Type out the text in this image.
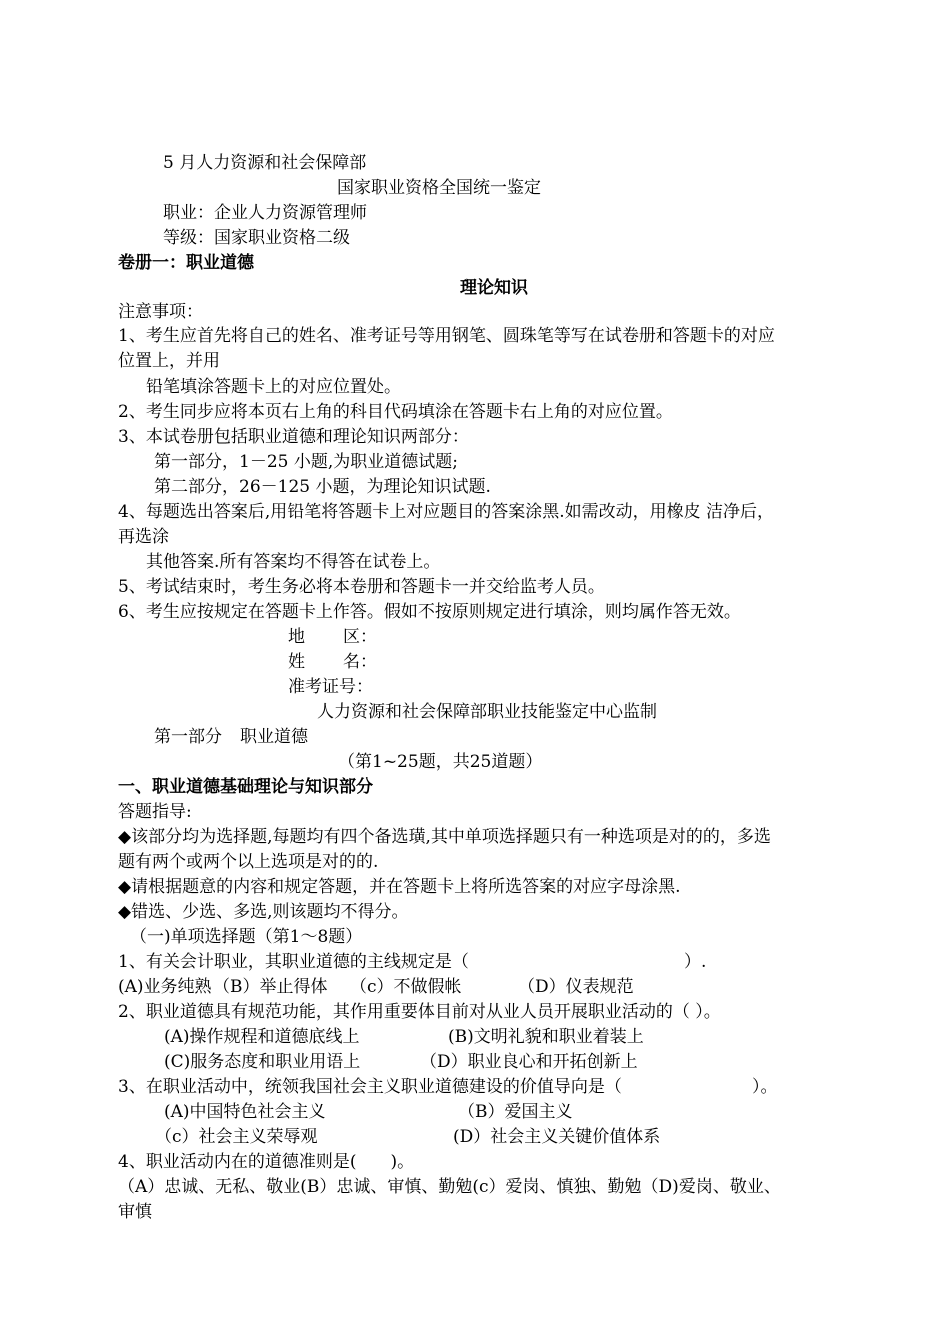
5 月人力资源和社会保障部
国家职业资格全国统一鉴定
职业：企业人力资源管理师
等级：国家职业资格二级
卷册一：职业道德
理论知识
注意事项：
1、考生应首先将自己的姓名、准考证号等用钢笔、圆珠笔等写在试卷册和答题卡的对应
位置上，并用
铅笔填涂答题卡上的对应位置处。
2、考生同步应将本页右上角的科目代码填涂在答题卡右上角的对应位置。
3、本试卷册包括职业道德和理论知识两部分：
第一部分，1－25 小题,为职业道德试题;
第二部分，26－125 小题，为理论知识试题.
4、每题选出答案后,用铅笔将答题卡上对应题目的答案涂黑.如需改动，用橡皮 洁净后，
再选涂
其他答案.所有答案均不得答在试卷上。
5、考试结束时，考生务必将本卷册和答题卡一并交给监考人员。
6、考生应按规定在答题卡上作答。假如不按原则规定进行填涂，则均属作答无效。
地 区：
姓 名：
准考证号：
人力资源和社会保障部职业技能鉴定中心监制
第一部分 职业道德
（第1~25题，共25道题）
一、职业道德基础理论与知识部分
答题指导:
◆该部分均为选择题,每题均有四个备选璜,其中单项选择题只有一种选项是对的的，多选
题有两个或两个以上选项是对的的.
◆请根据题意的内容和规定答题，并在答题卡上将所选答案的对应字母涂黑.
◆错选、少选、多选,则该题均不得分。
（一)单项选择题（第1～8题）
1、有关会计职业，其职业道德的主线规定是（	）.
(A)业务纯熟 （B）举止得体 （c）不做假帐	（D）仪表规范
2、职业道德具有规范功能，其作用重要体目前对从业人员开展职业活动的（ ）。
(A)操作规程和道德底线上	(B)文明礼貌和职业着装上
(C)服务态度和职业用语上	（D）职业良心和开拓创新上
3、在职业活动中，统领我国社会主义职业道德建设的价值导向是（	）。
(A)中国特色社会主义	（B）爱国主义
（c）社会主义荣辱观	(D）社会主义关键价值体系
4、职业活动内在的道德准则是(　　)。
（A）忠诚、无私、敬业(B）忠诚、审慎、勤勉(c）爱岗、慎独、勤勉（D)爱岗、敬业、
审慎
